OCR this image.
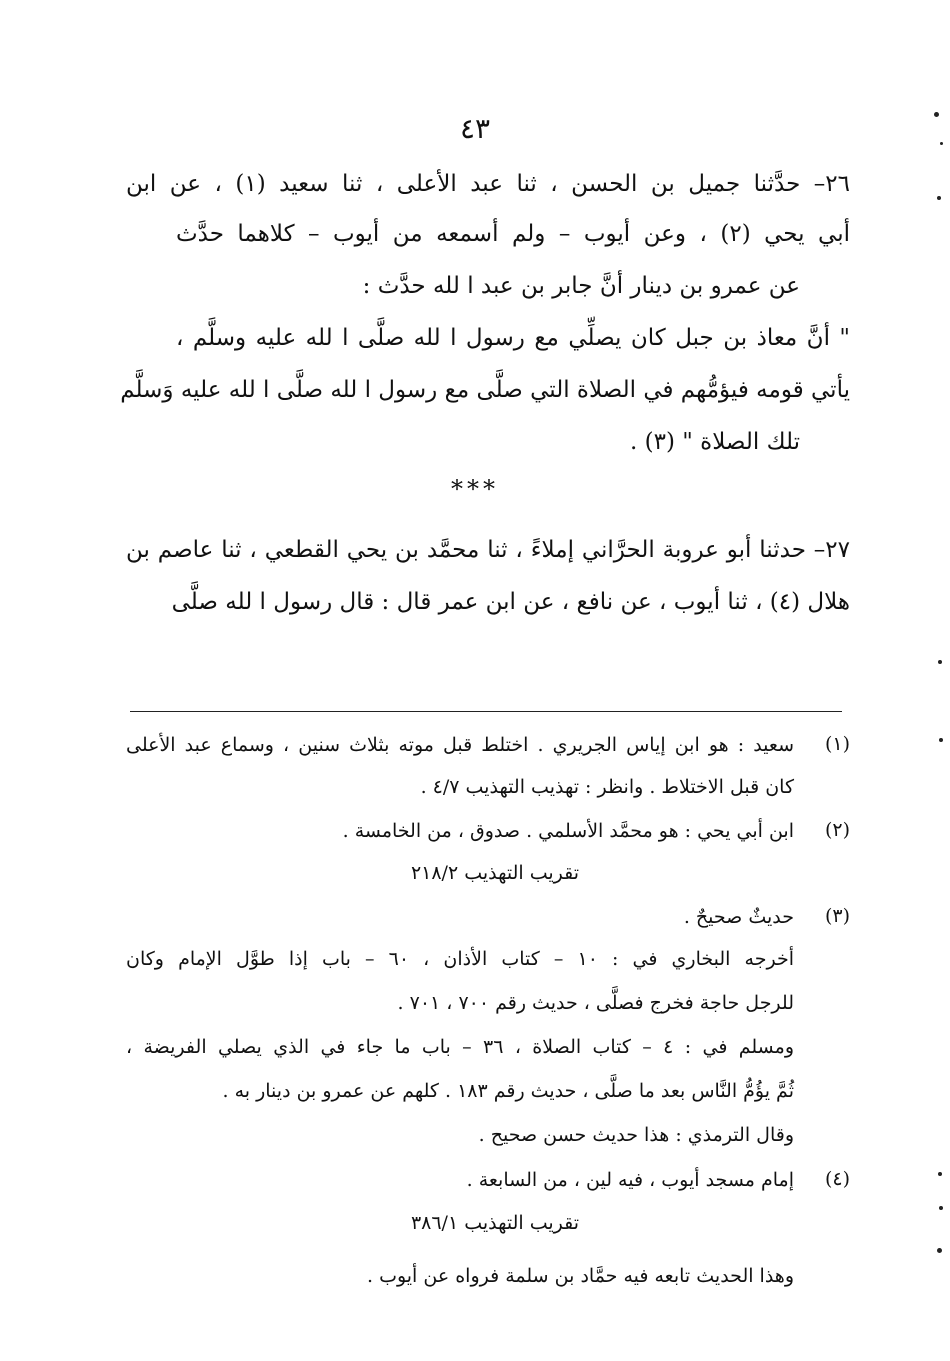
٤٣
٢٦– حدَّثنا جميل بن الحسن ، ثنا عبد الأعلى ، ثنا سعيد (١) ، عن ابن
أبي يحي (٢) ، وعن أيوب – ولم أسمعه من أيوب – كلاهما حدَّث
عن عمرو بن دينار أنَّ جابر بن عبد ا لله حدَّث :
" أنَّ معاذ بن جبل كان يصلِّي مع رسول ا لله صلَّى ا لله عليه وسلَّم ،
يأتي قومه فيؤمُّهم في الصلاة التي صلَّى مع رسول ا لله صلَّى ا لله عليه وَسلَّم
تلك الصلاة " (٣) .
***
٢٧– حدثنا أبو عروبة الحرَّاني إملاءً ، ثنا محمَّد بن يحي القطعي ، ثنا عاصم بن
هلال (٤) ، ثنا أيوب ، عن نافع ، عن ابن عمر قال : قال رسول ا لله صلَّى
(١)
سعيد : هو ابن إياس الجريري . اختلط قبل موته بثلاث سنين ، وسماع عبد الأعلى
كان قبل الاختلاط . وانظر : تهذيب التهذيب ٤/٧ .
(٢)
ابن أبي يحي : هو محمَّد الأسلمي . صدوق ، من الخامسة .
تقريب التهذيب ٢١٨/٢
(٣)
حديثٌ صحيحٌ .
أخرجه البخاري في : ١٠ – كتاب الأذان ، ٦٠ – باب إذا طوَّل الإمام وكان
للرجل حاجة فخرج فصلَّى ، حديث رقم ٧٠٠ ، ٧٠١ .
ومسلم في : ٤ – كتاب الصلاة ، ٣٦ – باب ما جاء في الذي يصلي الفريضة ،
ثُمَّ يؤُمُّ النَّاس بعد ما صلَّى ، حديث رقم ١٨٣ . كلهم عن عمرو بن دينار به .
وقال الترمذي : هذا حديث حسن صحيح .
(٤)
إمام مسجد أيوب ، فيه لين ، من السابعة .
وهذا الحديث تابعه فيه حمَّاد بن سلمة فرواه عن أيوب .
تقريب التهذيب ٣٨٦/١
